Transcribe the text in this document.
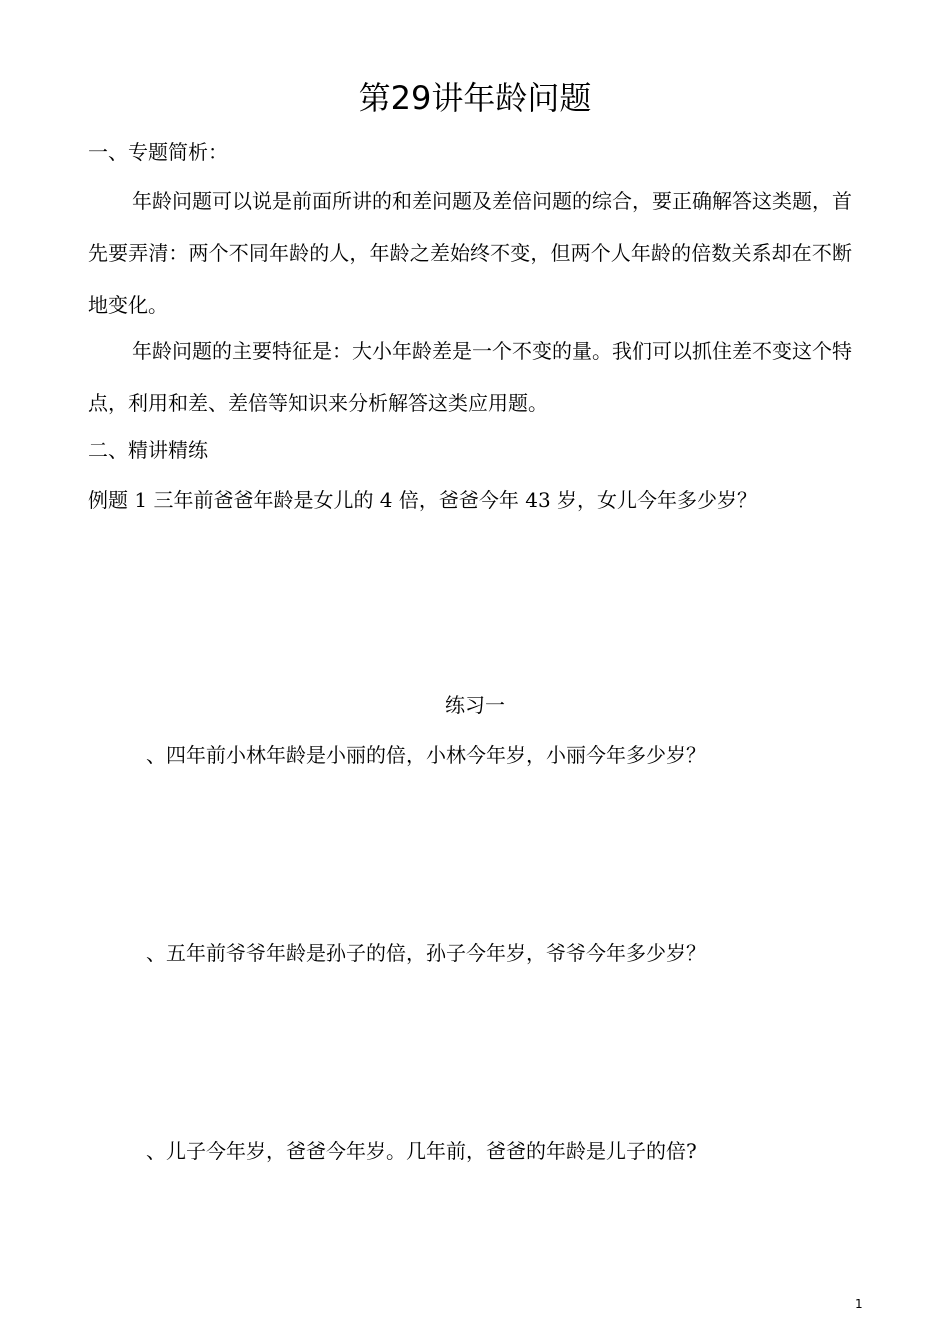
第29讲年龄问题
一、专题简析：
年龄问题可以说是前面所讲的和差问题及差倍问题的综合，要正确解答这类题，首先要弄清：两个不同年龄的人，年龄之差始终不变，但两个人年龄的倍数关系却在不断地变化。
年龄问题的主要特征是：大小年龄差是一个不变的量。我们可以抓住差不变这个特点，利用和差、差倍等知识来分析解答这类应用题。
二、精讲精练
例题 1 三年前爸爸年龄是女儿的 4 倍，爸爸今年 43 岁，女儿今年多少岁？
练习一
、四年前小林年龄是小丽的倍，小林今年岁，小丽今年多少岁？
、五年前爷爷年龄是孙子的倍，孙子今年岁，爷爷今年多少岁？
、儿子今年岁，爸爸今年岁。几年前，爸爸的年龄是儿子的倍?
1
